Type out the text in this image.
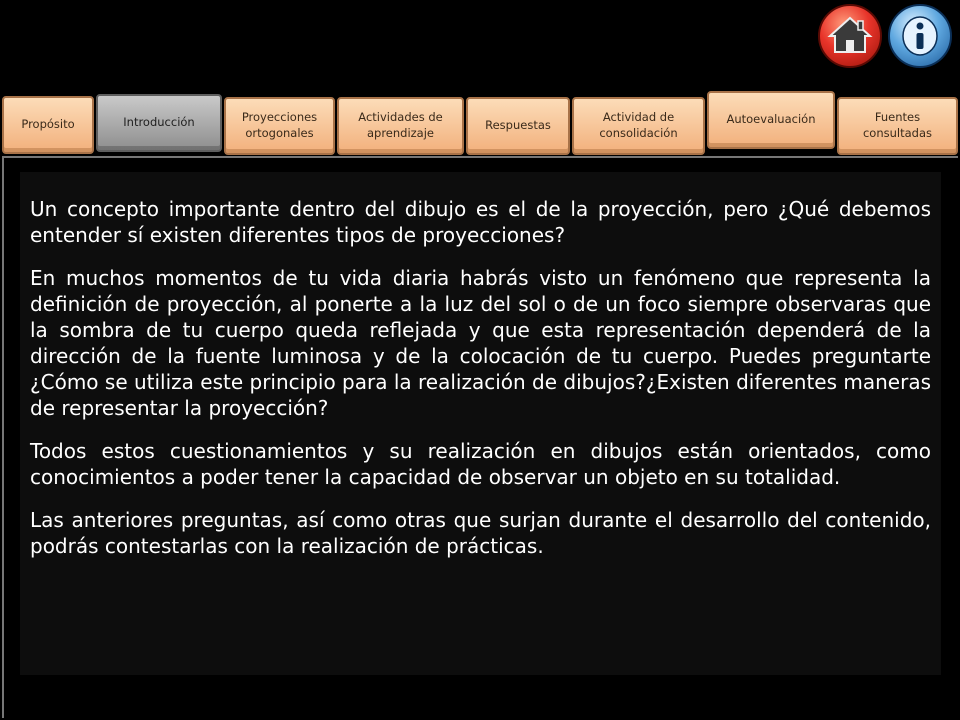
Propósito	Introducción	Proyecciones ortogonales
Actividades de aprendizaje
Respuestas
Actividad de consolidación
Autoevaluación	Fuentes consultadas

Un concepto importante dentro del dibujo es el de la proyección, pero ¿Qué debemos entender sí existen diferentes tipos de proyecciones?

En muchos momentos de tu vida diaria habrás visto un fenómeno que representa la definición de proyección, al ponerte a la luz del sol o de un foco siempre observaras que la sombra de tu cuerpo queda reflejada y que esta representación dependerá de la dirección de la fuente luminosa y de la colocación de tu cuerpo. Puedes preguntarte ¿Cómo se utiliza este principio para la realización de dibujos?¿Existen diferentes maneras de representar la proyección?

Todos estos cuestionamientos y su realización en dibujos están orientados, como conocimientos a poder tener la capacidad de observar un objeto en su totalidad.

Las anteriores preguntas, así como otras que surjan durante el desarrollo del contenido, podrás contestarlas con la realización de prácticas.
